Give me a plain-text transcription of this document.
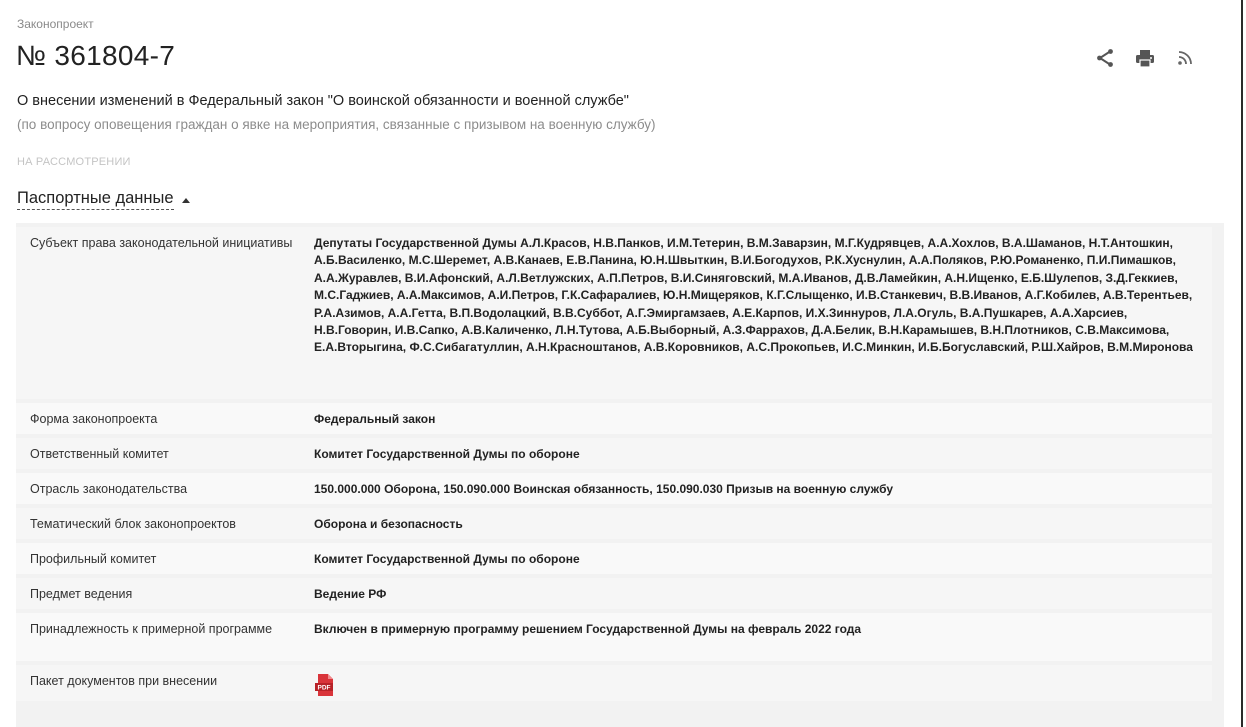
Законопроект
№ 361804-7
О внесении изменений в Федеральный закон "О воинской обязанности и военной службе"
(по вопросу оповещения граждан о явке на мероприятия, связанные с призывом на военную службу)
НА РАССМОТРЕНИИ
Паспортные данные
Субъект права законодательной инициативы	Депутаты Государственной Думы А.Л.Красов, Н.В.Панков, И.М.Тетерин, В.М.Заварзин, М.Г.Кудрявцев, А.А.Хохлов, В.А.Шаманов, Н.Т.Антошкин, А.Б.Василенко, М.С.Шеремет, А.В.Канаев, Е.В.Панина, Ю.Н.Швыткин, В.И.Богодухов, Р.К.Хуснулин, А.А.Поляков, Р.Ю.Романенко, П.И.Пимашков, А.А.Журавлев, В.И.Афонский, А.Л.Ветлужских, А.П.Петров, В.И.Синяговский, М.А.Иванов, Д.В.Ламейкин, А.Н.Ищенко, Е.Б.Шулепов, З.Д.Геккиев, М.С.Гаджиев, А.А.Максимов, А.И.Петров, Г.К.Сафаралиев, Ю.Н.Мищеряков, К.Г.Слыщенко, И.В.Станкевич, В.В.Иванов, А.Г.Кобилев, А.В.Терентьев, Р.А.Азимов, А.А.Гетта, В.П.Водолацкий, В.В.Суббот, А.Г.Эмиргамзаев, А.Е.Карпов, И.Х.Зиннуров, Л.А.Огуль, В.А.Пушкарев, А.А.Харсиев, Н.В.Говорин, И.В.Сапко, А.В.Каличенко, Л.Н.Тутова, А.Б.Выборный, А.З.Фаррахов, Д.А.Белик, В.Н.Карамышев, В.Н.Плотников, С.В.Максимова, Е.А.Вторыгина, Ф.С.Сибагатуллин, А.Н.Красноштанов, А.В.Коровников, А.С.Прокопьев, И.С.Минкин, И.Б.Богуславский, Р.Ш.Хайров, В.М.Миронова
Форма законопроекта	Федеральный закон
Ответственный комитет	Комитет Государственной Думы по обороне
Отрасль законодательства	150.000.000 Оборона, 150.090.000 Воинская обязанность, 150.090.030 Призыв на военную службу
Тематический блок законопроектов	Оборона и безопасность
Профильный комитет	Комитет Государственной Думы по обороне
Предмет ведения	Ведение РФ
Принадлежность к примерной программе	Включен в примерную программу решением Государственной Думы на февраль 2022 года
Пакет документов при внесении	PDF
